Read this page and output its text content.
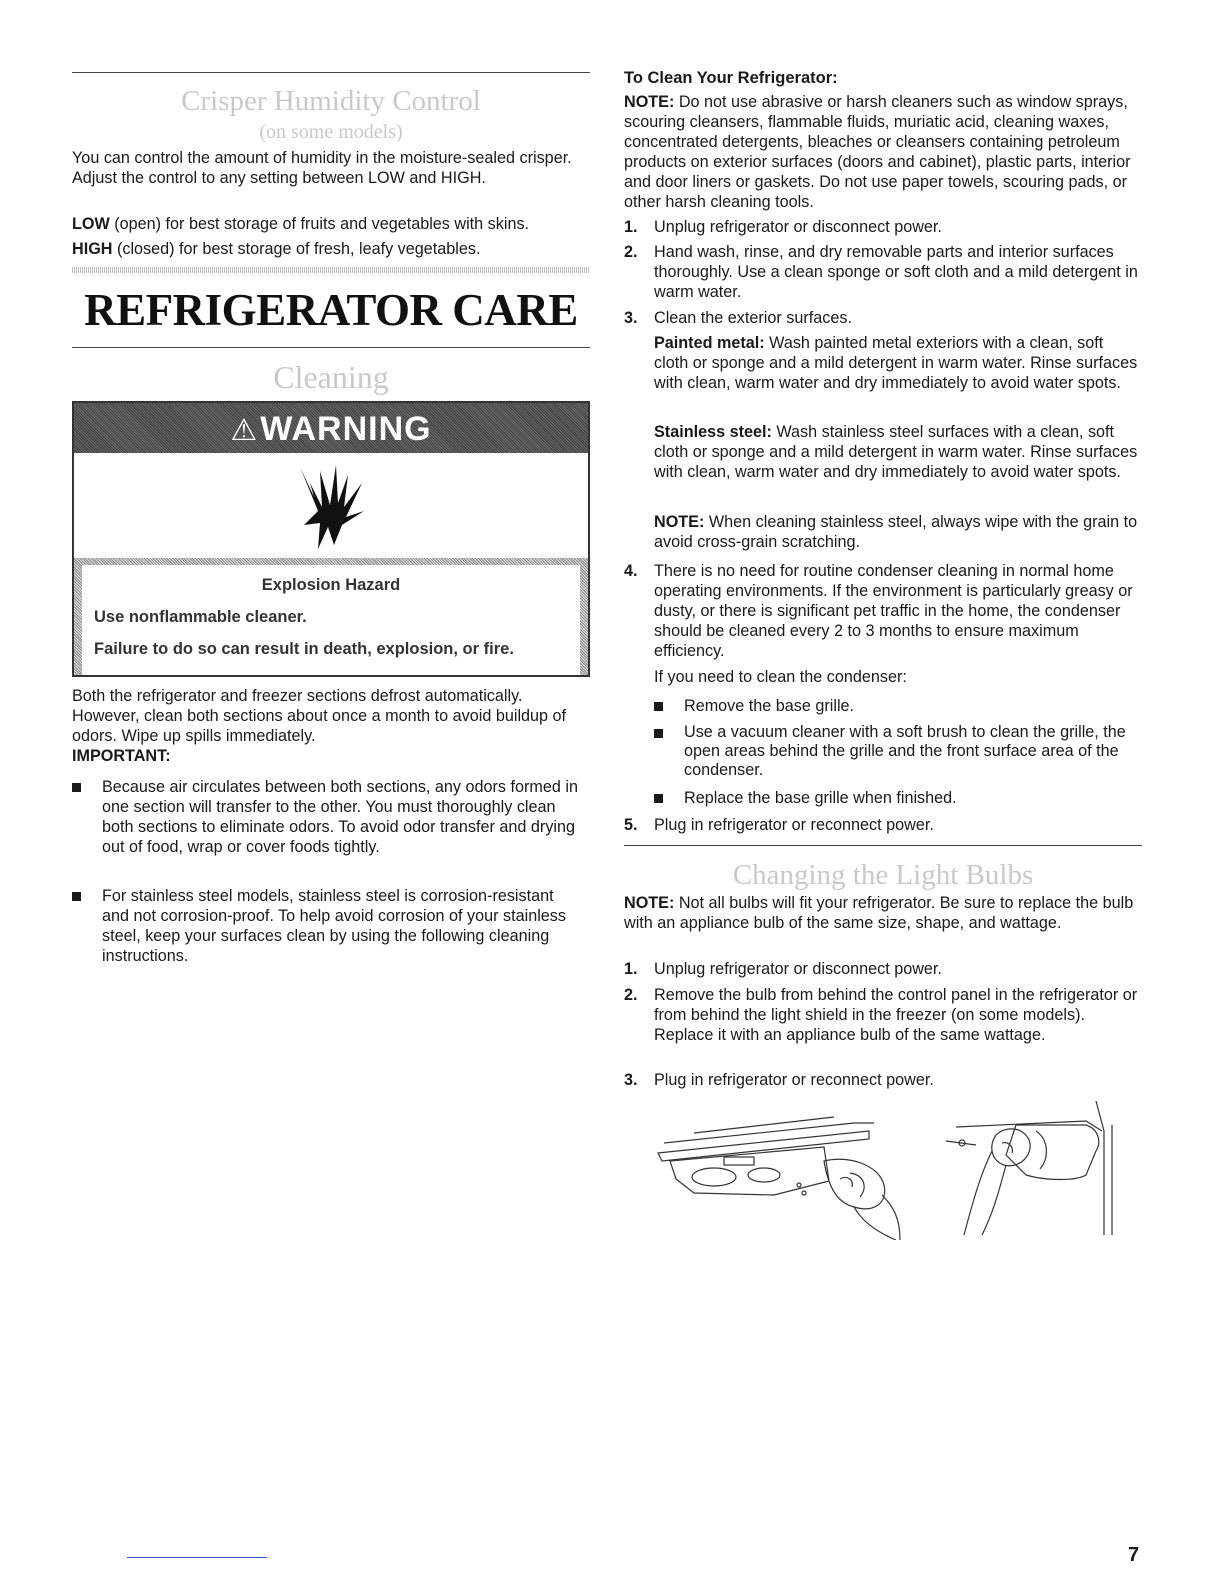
Crisper Humidity Control
(on some models)

You can control the amount of humidity in the moisture-sealed crisper. Adjust the control to any setting between LOW and HIGH.

LOW (open) for best storage of fruits and vegetables with skins.

HIGH (closed) for best storage of fresh, leafy vegetables.

REFRIGERATOR CARE
Cleaning
⚠WARNING
Explosion Hazard
Use nonflammable cleaner.
Failure to do so can result in death, explosion, or fire.

Both the refrigerator and freezer sections defrost automatically. However, clean both sections about once a month to avoid buildup of odors. Wipe up spills immediately.

IMPORTANT:

Because air circulates between both sections, any odors formed in one section will transfer to the other. You must thoroughly clean both sections to eliminate odors. To avoid odor transfer and drying out of food, wrap or cover foods tightly.

For stainless steel models, stainless steel is corrosion-resistant and not corrosion-proof. To help avoid corrosion of your stainless steel, keep your surfaces clean by using the following cleaning instructions.

To Clean Your Refrigerator:

NOTE: Do not use abrasive or harsh cleaners such as window sprays, scouring cleansers, flammable fluids, muriatic acid, cleaning waxes, concentrated detergents, bleaches or cleansers containing petroleum products on exterior surfaces (doors and cabinet), plastic parts, interior and door liners or gaskets. Do not use paper towels, scouring pads, or other harsh cleaning tools.

1. Unplug refrigerator or disconnect power.

2. Hand wash, rinse, and dry removable parts and interior surfaces thoroughly. Use a clean sponge or soft cloth and a mild detergent in warm water.

3. Clean the exterior surfaces.

Painted metal: Wash painted metal exteriors with a clean, soft cloth or sponge and a mild detergent in warm water. Rinse surfaces with clean, warm water and dry immediately to avoid water spots.

Stainless steel: Wash stainless steel surfaces with a clean, soft cloth or sponge and a mild detergent in warm water. Rinse surfaces with clean, warm water and dry immediately to avoid water spots.

NOTE: When cleaning stainless steel, always wipe with the grain to avoid cross-grain scratching.

4. There is no need for routine condenser cleaning in normal home operating environments. If the environment is particularly greasy or dusty, or there is significant pet traffic in the home, the condenser should be cleaned every 2 to 3 months to ensure maximum efficiency.

If you need to clean the condenser:

Remove the base grille.

Use a vacuum cleaner with a soft brush to clean the grille, the open areas behind the grille and the front surface area of the condenser.

Replace the base grille when finished.

5. Plug in refrigerator or reconnect power.

Changing the Light Bulbs

NOTE: Not all bulbs will fit your refrigerator. Be sure to replace the bulb with an appliance bulb of the same size, shape, and wattage.

1. Unplug refrigerator or disconnect power.

2. Remove the bulb from behind the control panel in the refrigerator or from behind the light shield in the freezer (on some models). Replace it with an appliance bulb of the same wattage.

3. Plug in refrigerator or reconnect power.

7
